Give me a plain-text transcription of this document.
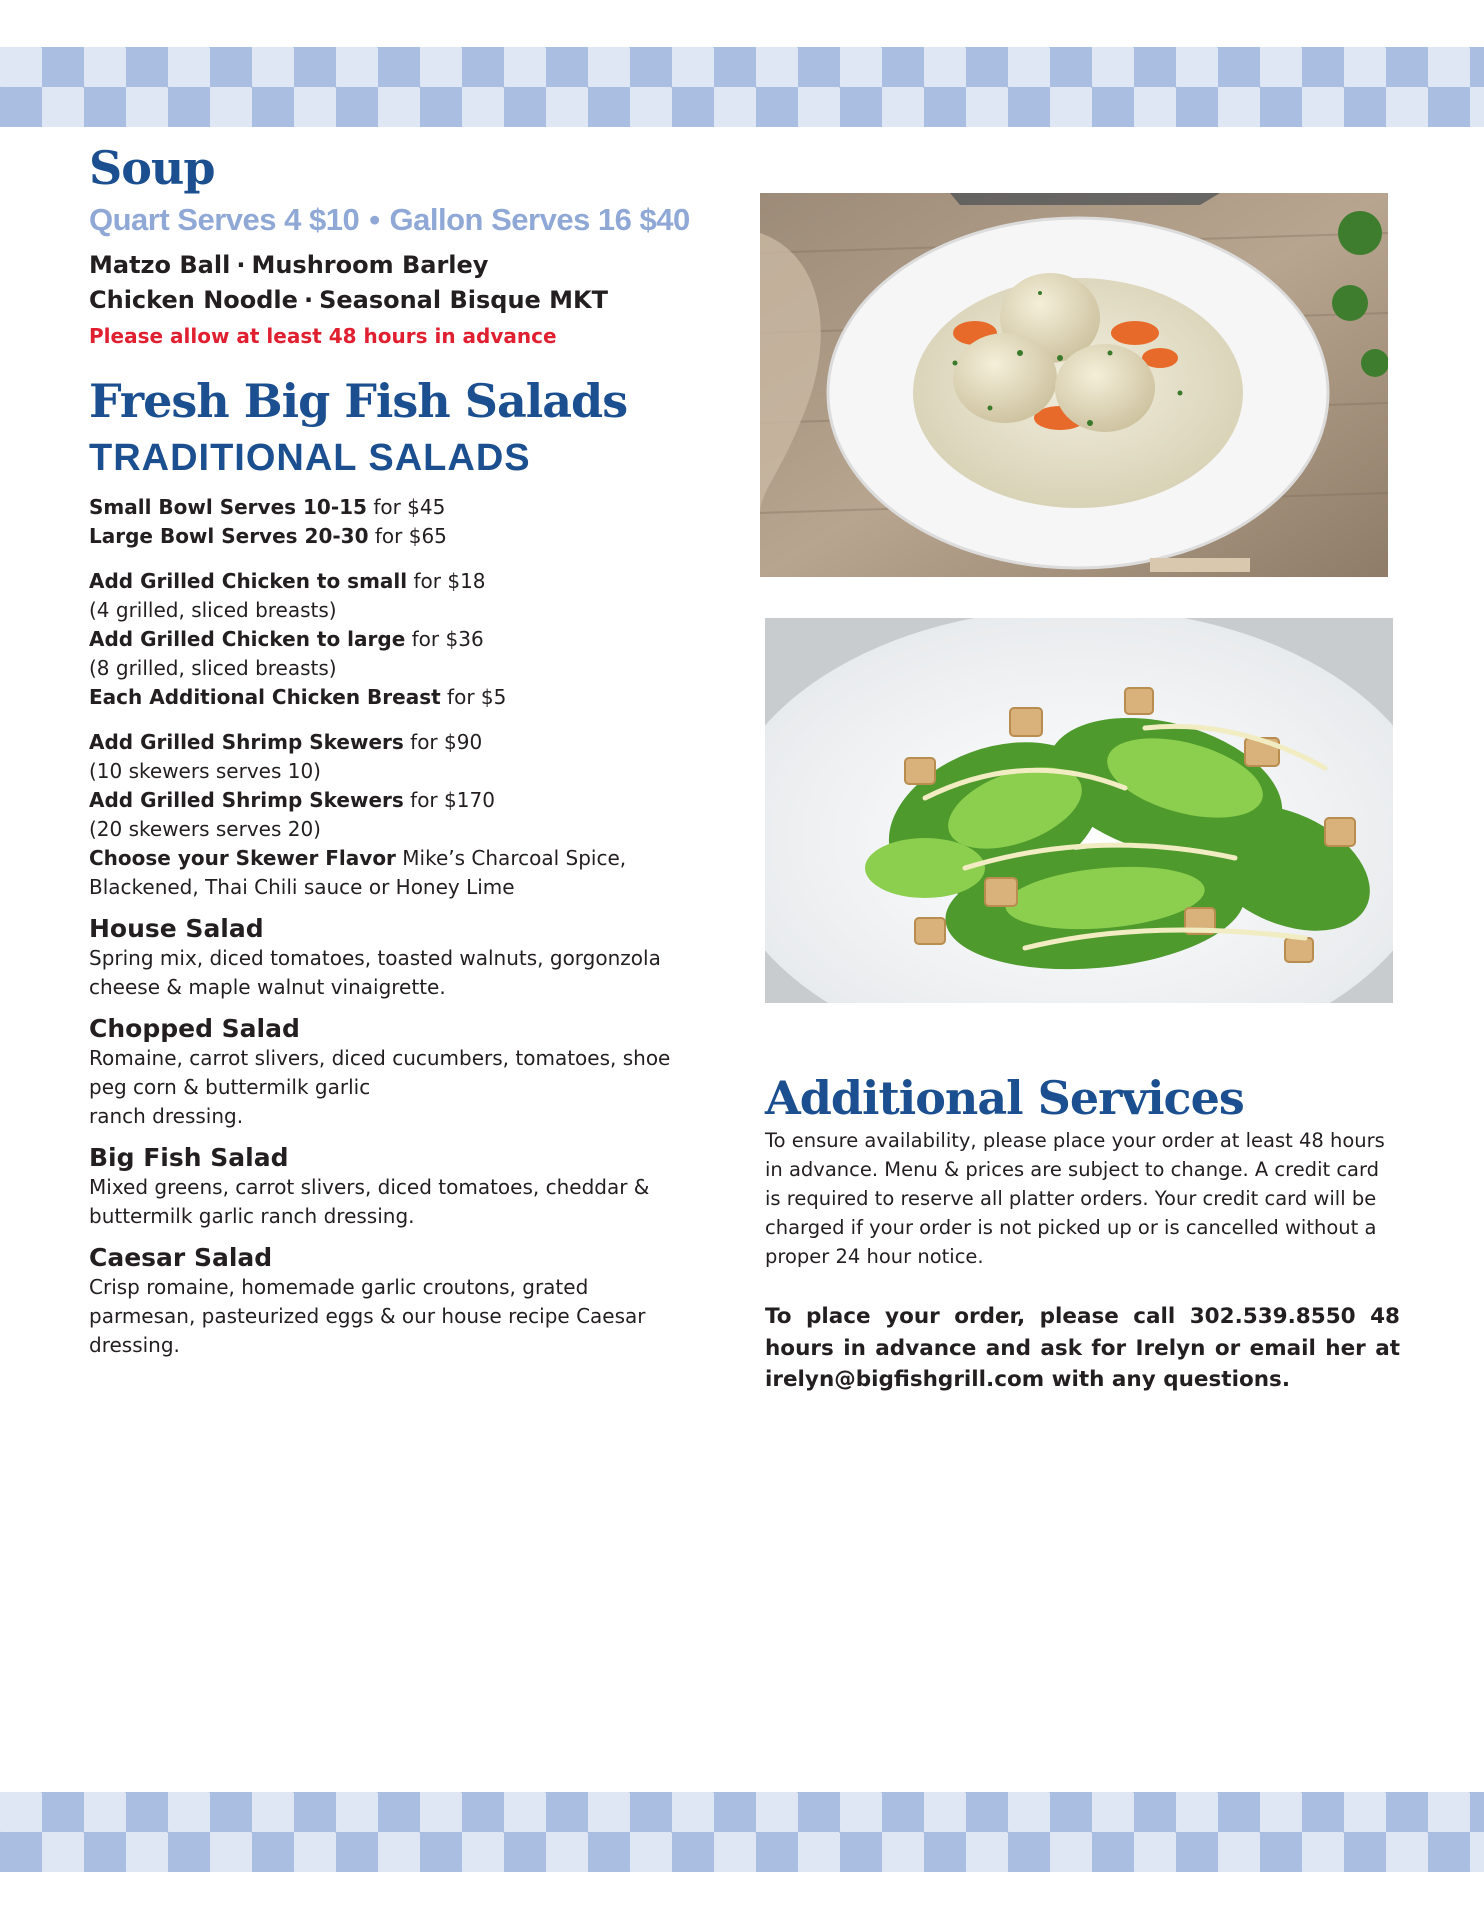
Soup
Quart Serves 4 $10 • Gallon Serves 16 $40
Matzo Ball · Mushroom Barley
Chicken Noodle · Seasonal Bisque MKT
Please allow at least 48 hours in advance
Fresh Big Fish Salads
TRADITIONAL SALADS
Small Bowl Serves 10-15 for $45
Large Bowl Serves 20-30 for $65
Add Grilled Chicken to small for $18
(4 grilled, sliced breasts)
Add Grilled Chicken to large for $36
(8 grilled, sliced breasts)
Each Additional Chicken Breast for $5
Add Grilled Shrimp Skewers for $90
(10 skewers serves 10)
Add Grilled Shrimp Skewers for $170
(20 skewers serves 20)
Choose your Skewer Flavor Mike’s Charcoal Spice,
Blackened, Thai Chili sauce or Honey Lime
House Salad
Spring mix, diced tomatoes, toasted walnuts, gorgonzola
cheese & maple walnut vinaigrette.
Chopped Salad
Romaine, carrot slivers, diced cucumbers, tomatoes, shoe
peg corn & buttermilk garlic
ranch dressing.
Big Fish Salad
Mixed greens, carrot slivers, diced tomatoes, cheddar &
buttermilk garlic ranch dressing.
Caesar Salad
Crisp romaine, homemade garlic croutons, grated
parmesan, pasteurized eggs & our house recipe Caesar
dressing.
Additional Services
To ensure availability, please place your order at least 48 hours
in advance. Menu & prices are subject to change. A credit card
is required to reserve all platter orders. Your credit card will be
charged if your order is not picked up or is cancelled without a
proper 24 hour notice.
To place your order, please call 302.539.8550 48 hours in advance and ask for Irelyn or email her at irelyn@bigfishgrill.com with any questions.
